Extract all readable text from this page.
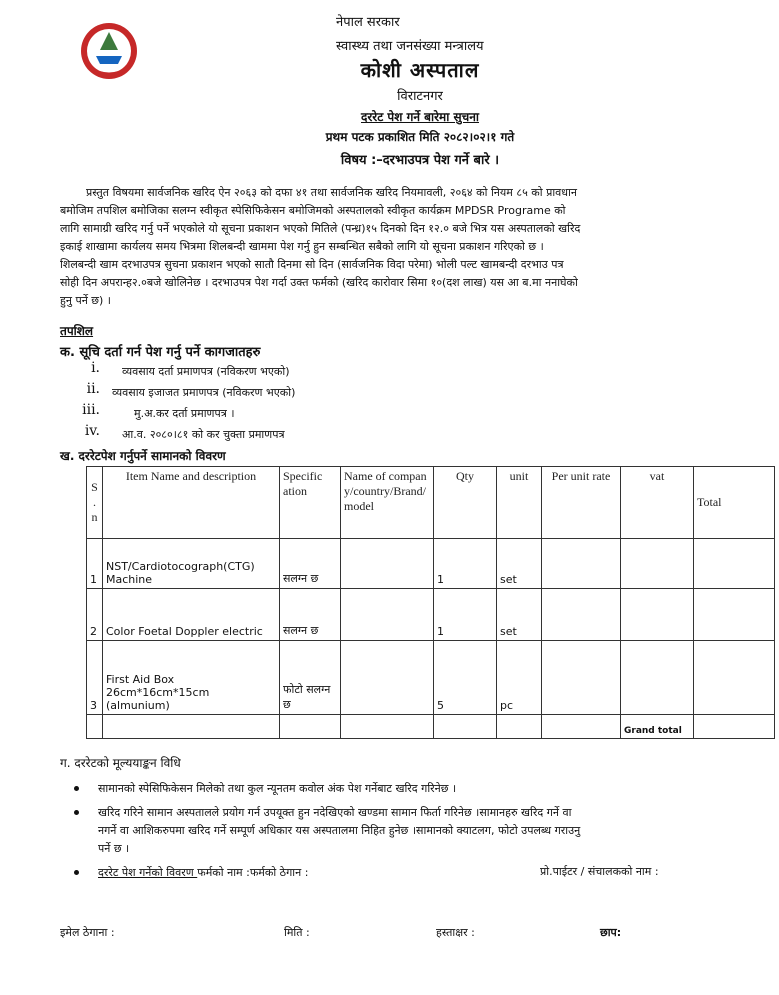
नेपाल सरकार
स्वास्थ्य तथा जनसंख्या मन्त्रालय
कोशी अस्पताल
विराटनगर
दररेट पेश गर्ने बारेमा सुचना
प्रथम पटक प्रकाशित मिति २०८२।०२।१ गते
विषय :–दरभाउपत्र पेश गर्ने बारे ।
प्रस्तुत विषयमा सार्वजनिक खरिद ऐन २०६३ को दफा ४१ तथा सार्वजनिक खरिद नियमावली, २०६४ को नियम ८५ को प्रावधान
बमोजिम तपशिल बमोजिका सलग्न स्वीकृत स्पेसिफिकेसन बमोजिमको अस्पतालको स्वीकृत कार्यक्रम MPDSR Programe को
लागि सामाग्री खरिद गर्नु पर्ने भएकोले यो सूचना प्रकाशन भएको मितिले (पन्ध्र)१५ दिनको दिन १२.० बजे भित्र यस अस्पतालको खरिद
इकाई शाखामा कार्यलय समय भित्रमा शिलबन्दी खाममा पेश गर्नु हुन सम्बन्धित सबैको लागि यो सूचना प्रकाशन गरिएको छ ।
शिलबन्दी खाम दरभाउपत्र सुचना प्रकाशन भएको सातौ दिनमा सो दिन (सार्वजनिक विदा परेमा) भोली पल्ट खामबन्दी दरभाउ पत्र
सोही दिन अपरान्ह२.०बजे खोलिनेछ । दरभाउपत्र पेश गर्दा उक्त फर्मको (खरिद कारोवार सिमा १०(दश लाख) यस आ ब.मा ननाघेको
हुनु पर्ने छ) ।
तपशिल
क. सूचि दर्ता गर्न पेश गर्नु पर्ने कागजातहरु
i. व्यवसाय दर्ता प्रमाणपत्र (नविकरण भएको)
ii. व्यवसाय इजाजत प्रमाणपत्र (नविकरण भएको)
iii.	मु.अ.कर दर्ता प्रमाणपत्र ।
iv. आ.व. २०८०।८१ को कर चुक्ता प्रमाणपत्र
ख. दररेटपेश गर्नुपर्ने सामानको विवरण
S . n	Item Name and description	Specific ation	Name of company/country/Brand/model	Qty	unit	Per unit rate	vat	Total
1	NST/Cardiotocograph(CTG) Machine	सलग्न छ		1	set			
2	Color Foetal Doppler electric	सलग्न छ		1	set			
3	First Aid Box 26cm*16cm*15cm (almunium)	फोटो सलग्न छ		5	pc			
							Grand total	
ग. दररेटको मूल्ययाङ्कन विधि
सामानको स्पेसिफिकेसन मिलेको तथा कुल न्यूनतम कवोल अंक पेश गर्नेबाट खरिद गरिनेछ ।
खरिद गरिने सामान अस्पतालले प्रयोग गर्न उपयूक्त हुन नदेखिएको खण्डमा सामान फिर्ता गरिनेछ ।सामानहरु खरिद गर्ने वा
नगर्ने वा आशिकरुपमा खरिद गर्ने सम्पूर्ण अधिकार यस अस्पतालमा निहित हुनेछ ।सामानको क्याटलग, फोटो उपलब्ध गराउनु
पर्ने छ ।
दररेट पेश गर्नेको विवरण फर्मको नाम :फर्मको ठेगान :	प्रो.पाईटर / संचालकको नाम :
इमेल ठेगाना :	मिति :	हस्ताक्षर :	छाप:
